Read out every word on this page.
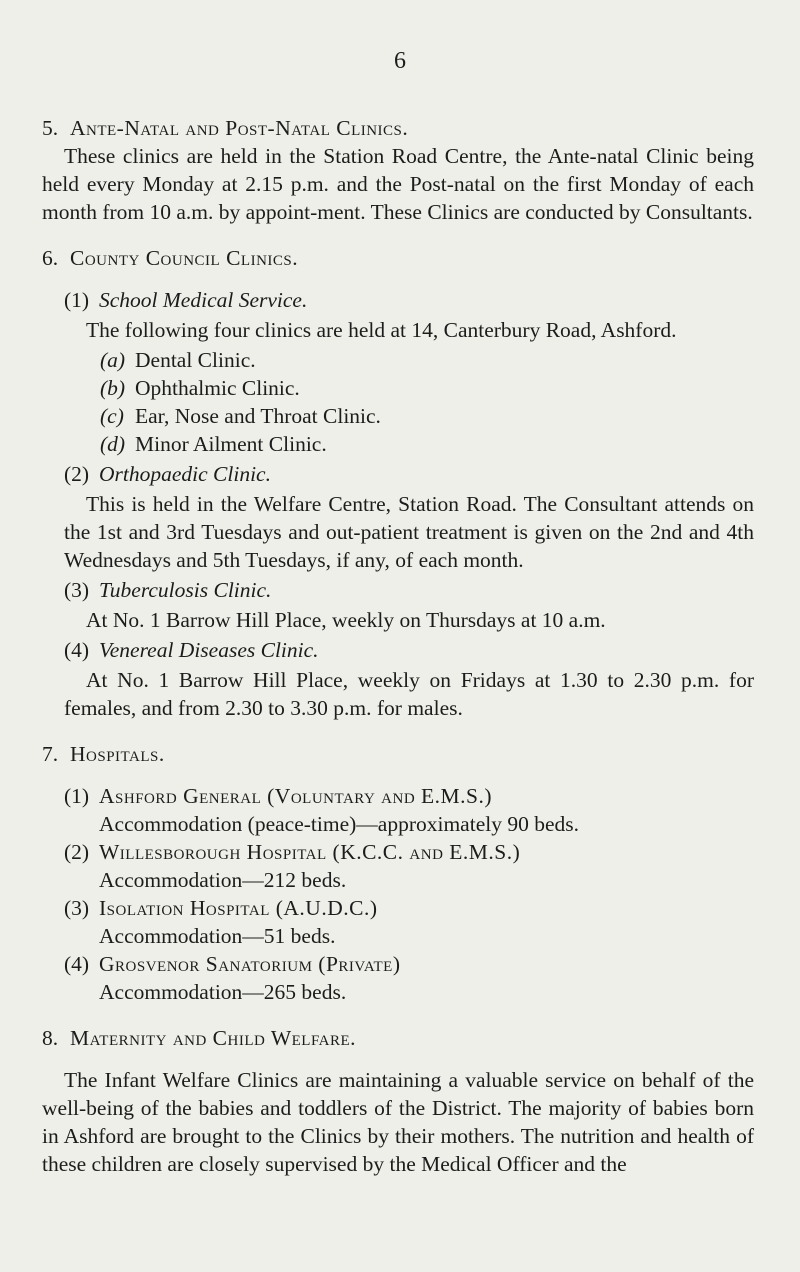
6

5. Ante-Natal and Post-Natal Clinics.

These clinics are held in the Station Road Centre, the Ante-natal Clinic being held every Monday at 2.15 p.m. and the Post-natal on the first Monday of each month from 10 a.m. by appoint-ment. These Clinics are conducted by Consultants.

6. County Council Clinics.

(1) School Medical Service.

The following four clinics are held at 14, Canterbury Road, Ashford.

(a) Dental Clinic.
(b) Ophthalmic Clinic.
(c) Ear, Nose and Throat Clinic.
(d) Minor Ailment Clinic.

(2) Orthopaedic Clinic.

This is held in the Welfare Centre, Station Road. The Consultant attends on the 1st and 3rd Tuesdays and out-patient treatment is given on the 2nd and 4th Wednesdays and 5th Tuesdays, if any, of each month.

(3) Tuberculosis Clinic.

At No. 1 Barrow Hill Place, weekly on Thursdays at 10 a.m.

(4) Venereal Diseases Clinic.

At No. 1 Barrow Hill Place, weekly on Fridays at 1.30 to 2.30 p.m. for females, and from 2.30 to 3.30 p.m. for males.

7. Hospitals.

(1) Ashford General (Voluntary and E.M.S.)
Accommodation (peace-time)—approximately 90 beds.
(2) Willesborough Hospital (K.C.C. and E.M.S.)
Accommodation—212 beds.
(3) Isolation Hospital (A.U.D.C.)
Accommodation—51 beds.
(4) Grosvenor Sanatorium (Private)
Accommodation—265 beds.

8. Maternity and Child Welfare.

The Infant Welfare Clinics are maintaining a valuable service on behalf of the well-being of the babies and toddlers of the District. The majority of babies born in Ashford are brought to the Clinics by their mothers. The nutrition and health of these children are closely supervised by the Medical Officer and the
